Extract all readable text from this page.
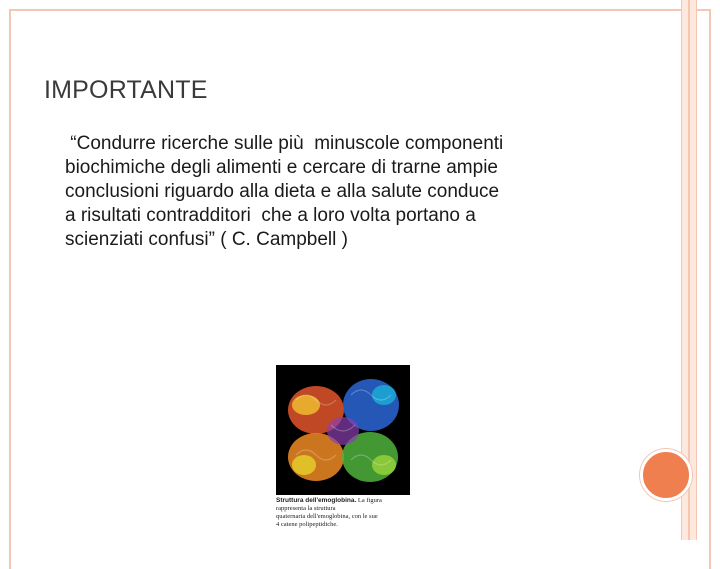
IMPORTANTE
“Condurre ricerche sulle più  minuscole componenti
biochimiche degli alimenti e cercare di trarne ampie
conclusioni riguardo alla dieta e alla salute conduce
a risultati contradditori  che a loro volta portano a
scienziati confusi” ( C. Campbell )
Struttura dell'emoglobina. La figura rappresenta la struttura
quaternaria dell'emoglobina, con le sue
4 catene polipeptidiche.
